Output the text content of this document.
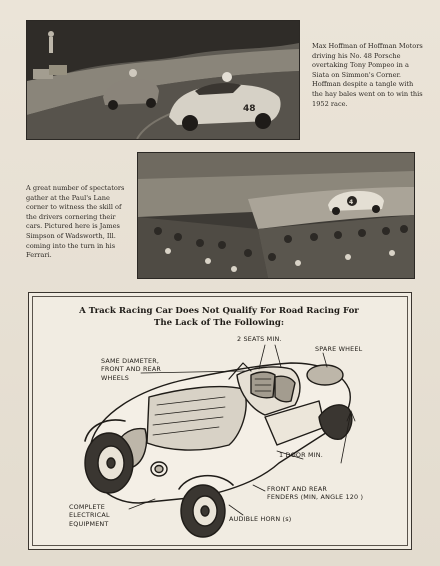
48
Max Hoffman of Hoffman Motors driving his No. 48 Porsche overtaking Tony Pompeo in a Siata on Simmon's Corner. Hoffman despite a tangle with the hay bales went on to win this 1952 race.
4
A great number of spectators gather at the Paul's Lane corner to witness the skill of the drivers cornering their cars. Pictured here is James Simpson of Wadsworth, Ill. coming into the turn in his Ferrari.
A Track Racing Car Does Not Qualify For Road Racing For
The Lack of The Following:
2 SEATS MIN.
SPARE WHEEL
SAME DIAMETER,
FRONT AND REAR
WHEELS
1 DOOR MIN.
FRONT AND REAR
FENDERS (MIN, ANGLE 120 )
COMPLETE
ELECTRICAL
EQUIPMENT
AUDIBLE HORN (s)
